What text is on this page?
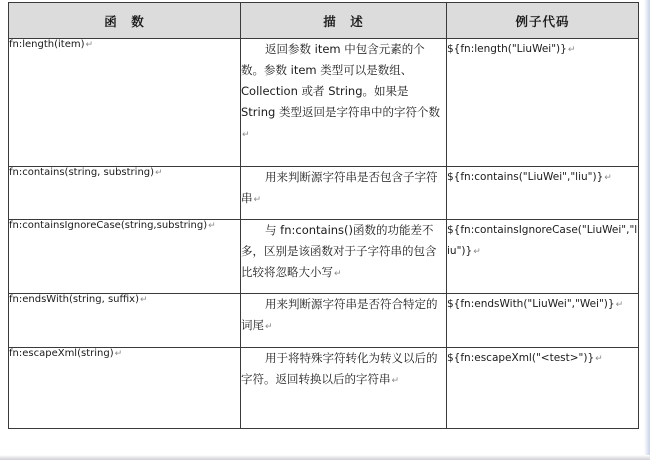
函　数	描　述	例子代码
fn:length(item)↵	返回参数 item 中包含元素的个数。参数 item 类型可以是数组、Collection 或者 String。如果是 String 类型返回是字符串中的字符个数↵	${fn:length("LiuWei")}↵
fn:contains(string, substring)↵	用来判断源字符串是否包含子字符串↵	${fn:contains("LiuWei","liu")}↵
fn:containsIgnoreCase(string,substring)↵	与 fn:contains()函数的功能差不多，区别是该函数对于子字符串的包含比较将忽略大小写↵	${fn:containsIgnoreCase("LiuWei","liu")}↵
fn:endsWith(string, suffix)↵	用来判断源字符串是否符合特定的词尾↵	${fn:endsWith("LiuWei","Wei")}↵
fn:escapeXml(string)↵	用于将特殊字符转化为转义以后的字符。返回转换以后的字符串↵	${fn:escapeXml("<test>")}↵
